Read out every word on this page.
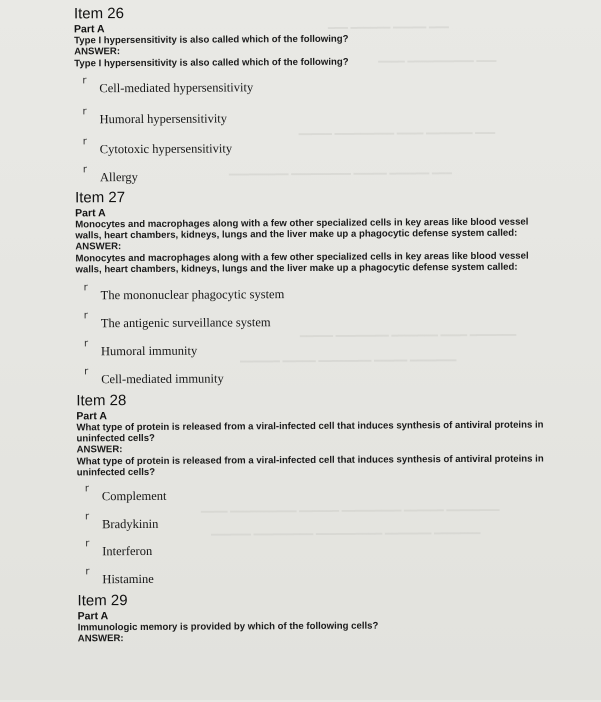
━━━ ━━━━━━ ━━━━━ ━━━
━━━━ ━━━━━━━━━━ ━━━
━━━━━ ━━━━━━━━━ ━━━━ ━━━━━━━ ━━━
━━━━━━━━━ ━━━━━━━━━ ━━━━━ ━━━━━━ ━━━
━━━━━ ━━━━━━━━ ━━━━━━━ ━━━━ ━━━━━━━
━━━━━━ ━━━━━ ━━━━━━━━ ━━━━━ ━━━━━━━
━━━━ ━━━━━━━━━━ ━━━━━━ ━━━━━━━━━ ━━━━━━ ━━━━━━━━
━━━━━━ ━━━━━━━━━ ━━━━━━━━━━ ━━━━━━━ ━━━━━━━
Item 26
Part A
Type I hypersensitivity is also called which of the following?
ANSWER:
Type I hypersensitivity is also called which of the following?
r Cell-mediated hypersensitivity
r Humoral hypersensitivity
r Cytotoxic hypersensitivity
r
Allergy
Item 27
Part A
Monocytes and macrophages along with a few other specialized cells in key areas like blood vessel walls, heart chambers, kidneys, lungs and the liver make up a phagocytic defense system called:
ANSWER:
Monocytes and macrophages along with a few other specialized cells in key areas like blood vessel walls, heart chambers, kidneys, lungs and the liver make up a phagocytic defense system called:
r The mononuclear phagocytic system
r The antigenic surveillance system
r Humoral immunity
r Cell-mediated immunity
Item 28
Part A
What type of protein is released from a viral-infected cell that induces synthesis of antiviral proteins in uninfected cells?
ANSWER:
What type of protein is released from a viral-infected cell that induces synthesis of antiviral proteins in uninfected cells?
r
Complement
r
Bradykinin
r
Interferon
r
Histamine
Item 29
Part A
Immunologic memory is provided by which of the following cells?
ANSWER:
